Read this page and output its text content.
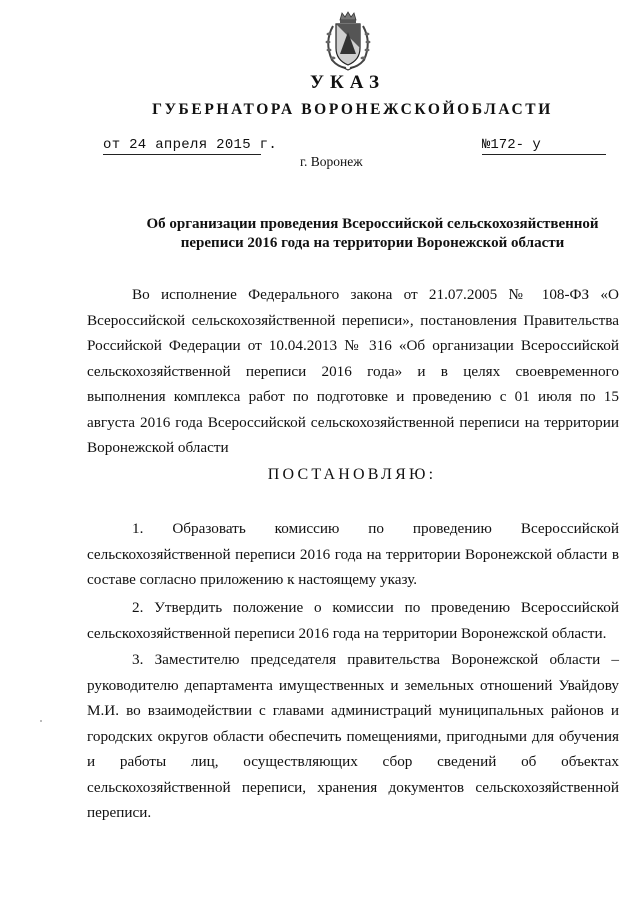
УКАЗ
ГУБЕРНАТОРА ВОРОНЕЖСКОЙОБЛАСТИ
от 24 апреля 2015 г.	№172- у
г. Воронеж
Об организации проведения Всероссийской сельскохозяйственной
переписи 2016 года на территории Воронежской области
Во исполнение Федерального закона от 21.07.2005 № 108-ФЗ «О Всероссийской сельскохозяйственной переписи», постановления Правительства Российской Федерации от 10.04.2013 № 316 «Об организации Всероссийской сельскохозяйственной переписи 2016 года» и в целях своевременного выполнения комплекса работ по подготовке и проведению с 01 июля по 15 августа 2016 года Всероссийской сельскохозяйственной переписи на территории Воронежской области
ПОСТАНОВЛЯЮ:
1. Образовать комиссию по проведению Всероссийской сельскохозяйственной переписи 2016 года на территории Воронежской области в составе согласно приложению к настоящему указу.
2. Утвердить положение о комиссии по проведению Всероссийской сельскохозяйственной переписи 2016 года на территории Воронежской области.
3. Заместителю председателя правительства Воронежской области – руководителю департамента имущественных и земельных отношений Увайдову М.И. во взаимодействии с главами администраций муниципальных районов и городских округов области обеспечить помещениями, пригодными для обучения и работы лиц, осуществляющих сбор сведений об объектах сельскохозяйственной переписи, хранения документов сельскохозяйственной переписи.
